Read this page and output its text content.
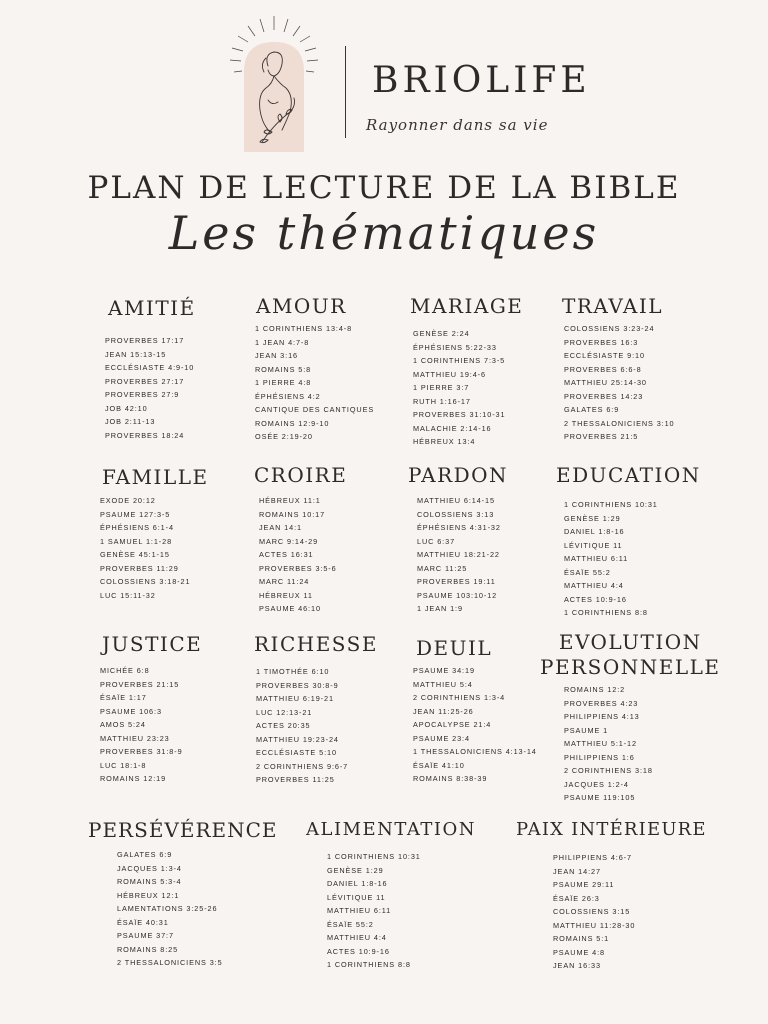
BRIOLIFE
Rayonner dans sa vie
PLAN DE LECTURE DE LA BIBLE
Les thématiques
AMITIÉ
PROVERBES 17:17
JEAN 15:13-15
ECCLÉSIASTE 4:9-10
PROVERBES 27:17
PROVERBES 27:9
JOB 42:10
JOB 2:11-13
PROVERBES 18:24
AMOUR
1 CORINTHIENS 13:4-8
1 JEAN 4:7-8
JEAN 3:16
ROMAINS 5:8
1 PIERRE 4:8
ÉPHÉSIENS 4:2
CANTIQUE DES CANTIQUES
ROMAINS 12:9-10
OSÉE 2:19-20
MARIAGE
GENÈSE 2:24
ÉPHÉSIENS 5:22-33
1 CORINTHIENS 7:3-5
MATTHIEU 19:4-6
1 PIERRE 3:7
RUTH 1:16-17
PROVERBES 31:10-31
MALACHIE 2:14-16
HÉBREUX 13:4
TRAVAIL
COLOSSIENS 3:23-24
PROVERBES 16:3
ECCLÉSIASTE 9:10
PROVERBES 6:6-8
MATTHIEU 25:14-30
PROVERBES 14:23
GALATES 6:9
2 THESSALONICIENS 3:10
PROVERBES 21:5
FAMILLE
EXODE 20:12
PSAUME 127:3-5
ÉPHÉSIENS 6:1-4
1 SAMUEL 1:1-28
GENÈSE 45:1-15
PROVERBES 11:29
COLOSSIENS 3:18-21
LUC 15:11-32
CROIRE
HÉBREUX 11:1
ROMAINS 10:17
JEAN 14:1
MARC 9:14-29
ACTES 16:31
PROVERBES 3:5-6
MARC 11:24
HÉBREUX 11
PSAUME 46:10
PARDON
MATTHIEU 6:14-15
COLOSSIENS 3:13
ÉPHÉSIENS 4:31-32
LUC 6:37
MATTHIEU 18:21-22
MARC 11:25
PROVERBES 19:11
PSAUME 103:10-12
1 JEAN 1:9
EDUCATION
1 CORINTHIENS 10:31
GENÈSE 1:29
DANIEL 1:8-16
LÉVITIQUE 11
MATTHIEU 6:11
ÉSAÏE 55:2
MATTHIEU 4:4
ACTES 10:9-16
1 CORINTHIENS 8:8
JUSTICE
MICHÉE 6:8
PROVERBES 21:15
ÉSAÏE 1:17
PSAUME 106:3
AMOS 5:24
MATTHIEU 23:23
PROVERBES 31:8-9
LUC 18:1-8
ROMAINS 12:19
RICHESSE
1 TIMOTHÉE 6:10
PROVERBES 30:8-9
MATTHIEU 6:19-21
LUC 12:13-21
ACTES 20:35
MATTHIEU 19:23-24
ECCLÉSIASTE 5:10
2 CORINTHIENS 9:6-7
PROVERBES 11:25
DEUIL
PSAUME 34:19
MATTHIEU 5:4
2 CORINTHIENS 1:3-4
JEAN 11:25-26
APOCALYPSE 21:4
PSAUME 23:4
1 THESSALONICIENS 4:13-14
ÉSAÏE 41:10
ROMAINS 8:38-39
EVOLUTION
PERSONNELLE
ROMAINS 12:2
PROVERBES 4:23
PHILIPPIENS 4:13
PSAUME 1
MATTHIEU 5:1-12
PHILIPPIENS 1:6
2 CORINTHIENS 3:18
JACQUES 1:2-4
PSAUME 119:105
PERSÉVÉRENCE
GALATES 6:9
JACQUES 1:3-4
ROMAINS 5:3-4
HÉBREUX 12:1
LAMENTATIONS 3:25-26
ÉSAÏE 40:31
PSAUME 37:7
ROMAINS 8:25
2 THESSALONICIENS 3:5
ALIMENTATION
1 CORINTHIENS 10:31
GENÈSE 1:29
DANIEL 1:8-16
LÉVITIQUE 11
MATTHIEU 6:11
ÉSAÏE 55:2
MATTHIEU 4:4
ACTES 10:9-16
1 CORINTHIENS 8:8
PAIX INTÉRIEURE
PHILIPPIENS 4:6-7
JEAN 14:27
PSAUME 29:11
ÉSAÏE 26:3
COLOSSIENS 3:15
MATTHIEU 11:28-30
ROMAINS 5:1
PSAUME 4:8
JEAN 16:33
